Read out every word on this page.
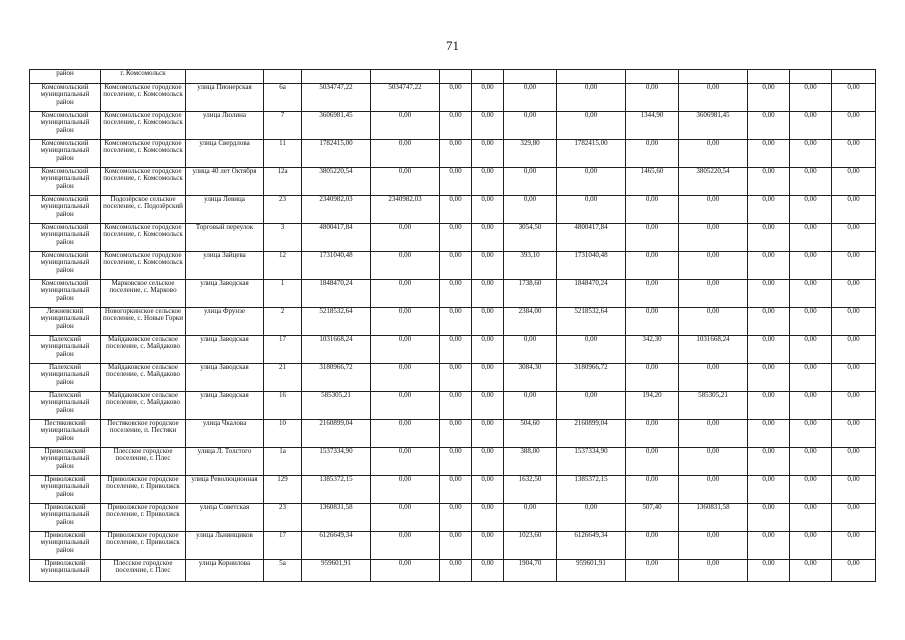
71
район	г. Комсомольск													
Комсомольский муниципальный район	Комсомольское городское поселение, г. Комсомольск	улица Пионерская	6а	5034747,22	5034747,22	0,00	0,00	0,00	0,00	0,00	0,00	0,00	0,00	0,00
Комсомольский муниципальный район	Комсомольское городское поселение, г. Комсомольск	улица Люлина	7	3606981,45	0,00	0,00	0,00	0,00	0,00	1344,90	3606981,45	0,00	0,00	0,00
Комсомольский муниципальный район	Комсомольское городское поселение, г. Комсомольск	улица Свердлова	11	1782415,00	0,00	0,00	0,00	329,80	1782415,00	0,00	0,00	0,00	0,00	0,00
Комсомольский муниципальный район	Комсомольское городское поселение, г. Комсомольск	улица 40 лет Октября	12а	3805220,54	0,00	0,00	0,00	0,00	0,00	1465,60	3805220,54	0,00	0,00	0,00
Комсомольский муниципальный район	Подозёрское сельское поселение, с. Подозёрский	улица Левица	23	2340982,03	2340982,03	0,00	0,00	0,00	0,00	0,00	0,00	0,00	0,00	0,00
Комсомольский муниципальный район	Комсомольское городское поселение, г. Комсомольск	Торговый переулок	3	4800417,84	0,00	0,00	0,00	3054,50	4800417,84	0,00	0,00	0,00	0,00	0,00
Комсомольский муниципальный район	Комсомольское городское поселение, г. Комсомольск	улица Зайцева	12	1731040,48	0,00	0,00	0,00	393,10	1731040,48	0,00	0,00	0,00	0,00	0,00
Комсомольский муниципальный район	Марковское сельское поселение, с. Марково	улица Заводская	1	1848470,24	0,00	0,00	0,00	1738,60	1848470,24	0,00	0,00	0,00	0,00	0,00
Лежневский муниципальный район	Новогоркинское сельское поселение, с. Новые Горки	улица Фрунзе	2	5218532,64	0,00	0,00	0,00	2384,00	5218532,64	0,00	0,00	0,00	0,00	0,00
Палехский муниципальный район	Майдаковское сельское поселение, с. Майдаково	улица Заводская	17	1031668,24	0,00	0,00	0,00	0,00	0,00	342,30	1031668,24	0,00	0,00	0,00
Палехский муниципальный район	Майдаковское сельское поселение, с. Майдаково	улица Заводская	21	3180966,72	0,00	0,00	0,00	3084,30	3180966,72	0,00	0,00	0,00	0,00	0,00
Палехский муниципальный район	Майдаковское сельское поселение, с. Майдаково	улица Заводская	16	585305,21	0,00	0,00	0,00	0,00	0,00	194,20	585305,21	0,00	0,00	0,00
Пестяковский муниципальный район	Пестяковское городское поселение, п. Пестяки	улица Чкалова	10	2160899,04	0,00	0,00	0,00	504,60	2160899,04	0,00	0,00	0,00	0,00	0,00
Приволжский муниципальный район	Плесское городское поселение, г. Плес	улица Л. Толстого	1а	1537334,90	0,00	0,00	0,00	388,00	1537334,90	0,00	0,00	0,00	0,00	0,00
Приволжский муниципальный район	Приволжское городское поселение, г. Приволжск	улица Революционная	129	1385372,15	0,00	0,00	0,00	1632,50	1385372,15	0,00	0,00	0,00	0,00	0,00
Приволжский муниципальный район	Приволжское городское поселение, г. Приволжск	улица Советская	23	1360831,58	0,00	0,00	0,00	0,00	0,00	507,40	1360831,58	0,00	0,00	0,00
Приволжский муниципальный район	Приволжское городское поселение, г. Приволжск	улица Льнянщиков	17	6126649,34	0,00	0,00	0,00	1023,60	6126649,34	0,00	0,00	0,00	0,00	0,00
Приволжский муниципальный	Плесское городское поселение, г. Плес	улица Корнилова	5а	959601,91	0,00	0,00	0,00	1904,70	959601,91	0,00	0,00	0,00	0,00	0,00
